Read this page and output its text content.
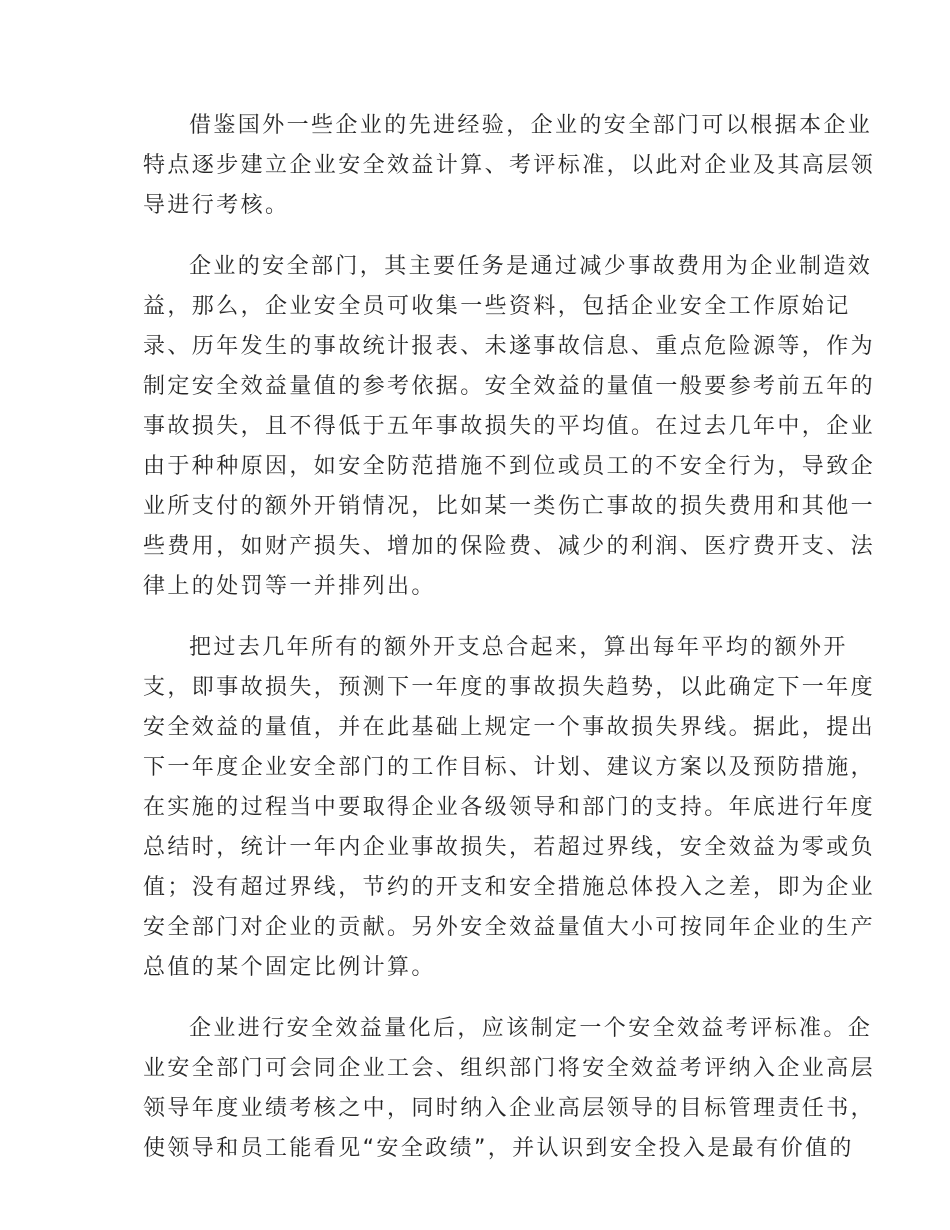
借鉴国外一些企业的先进经验，企业的安全部门可以根据本企业
特点逐步建立企业安全效益计算、考评标准，以此对企业及其高层领
导进行考核。
企业的安全部门，其主要任务是通过减少事故费用为企业制造效
益，那么，企业安全员可收集一些资料，包括企业安全工作原始记
录、历年发生的事故统计报表、未遂事故信息、重点危险源等，作为
制定安全效益量值的参考依据。安全效益的量值一般要参考前五年的
事故损失，且不得低于五年事故损失的平均值。在过去几年中，企业
由于种种原因，如安全防范措施不到位或员工的不安全行为，导致企
业所支付的额外开销情况，比如某一类伤亡事故的损失费用和其他一
些费用，如财产损失、增加的保险费、减少的利润、医疗费开支、法
律上的处罚等一并排列出。
把过去几年所有的额外开支总合起来，算出每年平均的额外开
支，即事故损失，预测下一年度的事故损失趋势，以此确定下一年度
安全效益的量值，并在此基础上规定一个事故损失界线。据此，提出
下一年度企业安全部门的工作目标、计划、建议方案以及预防措施，
在实施的过程当中要取得企业各级领导和部门的支持。年底进行年度
总结时，统计一年内企业事故损失，若超过界线，安全效益为零或负
值；没有超过界线，节约的开支和安全措施总体投入之差，即为企业
安全部门对企业的贡献。另外安全效益量值大小可按同年企业的生产
总值的某个固定比例计算。
企业进行安全效益量化后，应该制定一个安全效益考评标准。企
业安全部门可会同企业工会、组织部门将安全效益考评纳入企业高层
领导年度业绩考核之中，同时纳入企业高层领导的目标管理责任书，
使领导和员工能看见“安全政绩”，并认识到安全投入是最有价值的
